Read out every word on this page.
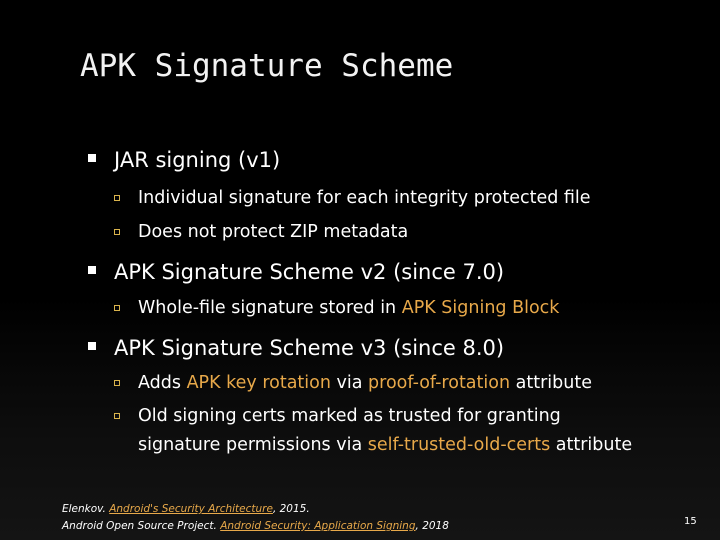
APK Signature Scheme
JAR signing (v1)
Individual signature for each integrity protected file
Does not protect ZIP metadata
APK Signature Scheme v2 (since 7.0)
Whole-file signature stored in APK Signing Block
APK Signature Scheme v3 (since 8.0)
Adds APK key rotation via proof-of-rotation attribute
Old signing certs marked as trusted for granting signature permissions via self-trusted-old-certs attribute
Elenkov. Android's Security Architecture, 2015.
Android Open Source Project. Android Security: Application Signing, 2018	15
